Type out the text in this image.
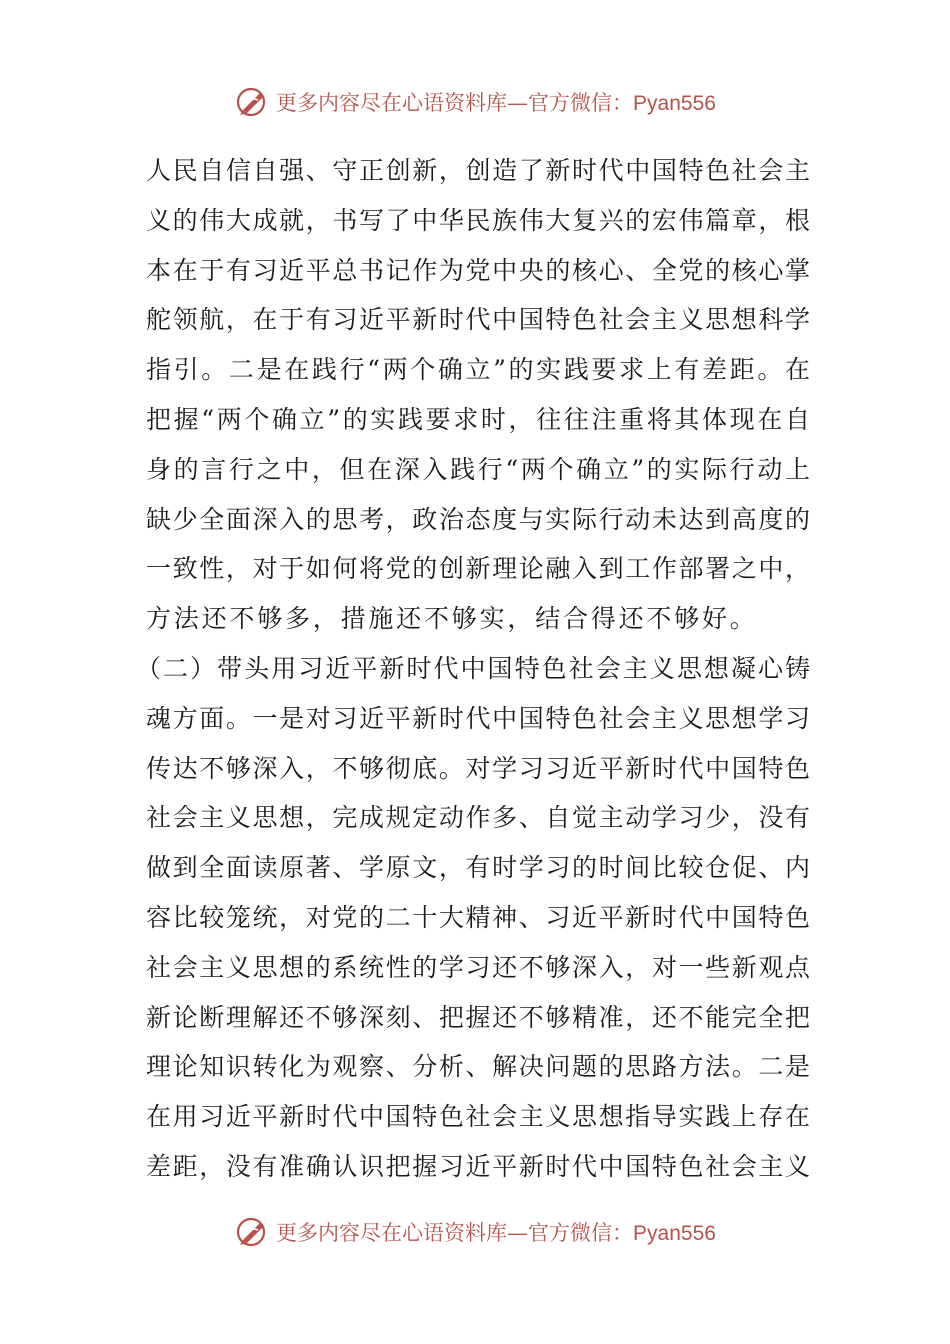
更多内容尽在心语资料库—官方微信：Pyan556
人民自信自强、守正创新，创造了新时代中国特色社会主
义的伟大成就，书写了中华民族伟大复兴的宏伟篇章，根
本在于有习近平总书记作为党中央的核心、全党的核心掌
舵领航，在于有习近平新时代中国特色社会主义思想科学
指引。二是在践行“两个确立”的实践要求上有差距。在
把握“两个确立”的实践要求时，往往注重将其体现在自
身的言行之中，但在深入践行“两个确立”的实际行动上
缺少全面深入的思考，政治态度与实际行动未达到高度的
一致性，对于如何将党的创新理论融入到工作部署之中，
方法还不够多，措施还不够实，结合得还不够好。
（二）带头用习近平新时代中国特色社会主义思想凝心铸
魂方面。一是对习近平新时代中国特色社会主义思想学习
传达不够深入，不够彻底。对学习习近平新时代中国特色
社会主义思想，完成规定动作多、自觉主动学习少，没有
做到全面读原著、学原文，有时学习的时间比较仓促、内
容比较笼统，对党的二十大精神、习近平新时代中国特色
社会主义思想的系统性的学习还不够深入，对一些新观点
新论断理解还不够深刻、把握还不够精准，还不能完全把
理论知识转化为观察、分析、解决问题的思路方法。二是
在用习近平新时代中国特色社会主义思想指导实践上存在
差距，没有准确认识把握习近平新时代中国特色社会主义
更多内容尽在心语资料库—官方微信：Pyan556
